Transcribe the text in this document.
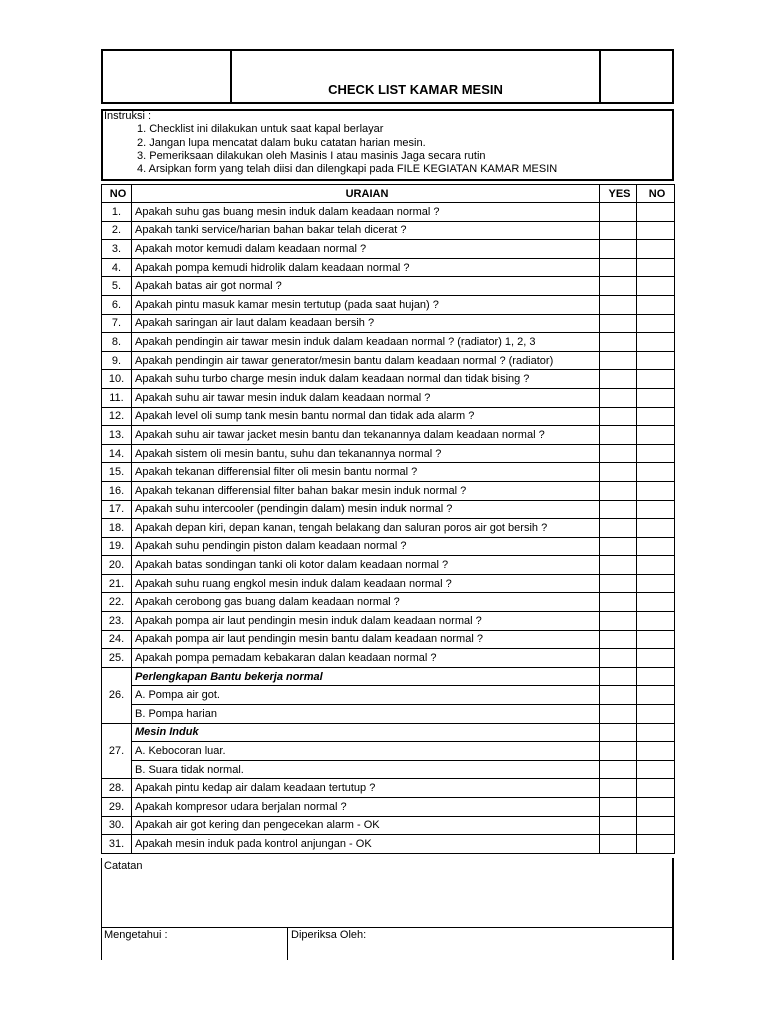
CHECK LIST KAMAR MESIN
Instruksi :
1. Checklist ini dilakukan untuk saat kapal berlayar
2. Jangan lupa mencatat dalam buku catatan harian mesin.
3. Pemeriksaan dilakukan oleh Masinis I atau masinis Jaga secara rutin
4. Arsipkan form yang telah diisi dan dilengkapi pada FILE KEGIATAN KAMAR MESIN
NO	URAIAN	YES	NO
1.	Apakah suhu gas buang mesin induk dalam keadaan normal ?		
2.	Apakah tanki service/harian bahan bakar telah dicerat ?		
3.	Apakah motor kemudi dalam keadaan normal ?		
4.	Apakah pompa kemudi hidrolik dalam keadaan normal ?		
5.	Apakah batas air got normal ?		
6.	Apakah pintu masuk kamar mesin tertutup (pada saat hujan) ?		
7.	Apakah saringan air laut dalam keadaan bersih ?		
8.	Apakah pendingin air tawar mesin induk dalam keadaan normal ? (radiator) 1, 2, 3		
9.	Apakah pendingin air tawar generator/mesin bantu dalam keadaan normal ? (radiator)		
10.	Apakah suhu turbo charge mesin induk dalam keadaan normal dan tidak bising ?		
11.	Apakah suhu air tawar mesin induk dalam keadaan normal ?		
12.	Apakah level oli sump tank mesin bantu normal dan tidak ada alarm ?		
13.	Apakah suhu air tawar jacket mesin bantu dan tekanannya dalam keadaan normal ?		
14.	Apakah sistem oli mesin bantu, suhu dan tekanannya normal ?		
15.	Apakah tekanan differensial filter oli mesin bantu normal ?		
16.	Apakah tekanan differensial filter bahan bakar mesin induk normal ?		
17.	Apakah suhu intercooler (pendingin dalam) mesin induk normal ?		
18.	Apakah depan kiri, depan kanan, tengah belakang dan saluran poros air got bersih ?		
19.	Apakah suhu pendingin piston dalam keadaan normal ?		
20.	Apakah batas sondingan tanki oli kotor dalam keadaan normal ?		
21.	Apakah suhu ruang engkol mesin induk dalam keadaan normal ?		
22.	Apakah cerobong gas buang dalam keadaan normal ?		
23.	Apakah pompa air laut pendingin mesin induk dalam keadaan normal ?		
24.	Apakah pompa air laut pendingin mesin bantu dalam keadaan normal ?		
25.	Apakah pompa pemadam kebakaran dalan keadaan normal ?		
26.	Perlengkapan Bantu bekerja normal		
	A. Pompa air got.		
	B. Pompa harian		
27.	Mesin Induk		
	A. Kebocoran luar.		
	B. Suara tidak normal.		
28.	Apakah pintu kedap air dalam keadaan tertutup ?		
29.	Apakah kompresor udara berjalan normal ?		
30.	Apakah air got kering dan pengecekan alarm - OK		
31.	Apakah mesin induk pada kontrol anjungan - OK		
Catatan
Mengetahui :	Diperiksa Oleh:
